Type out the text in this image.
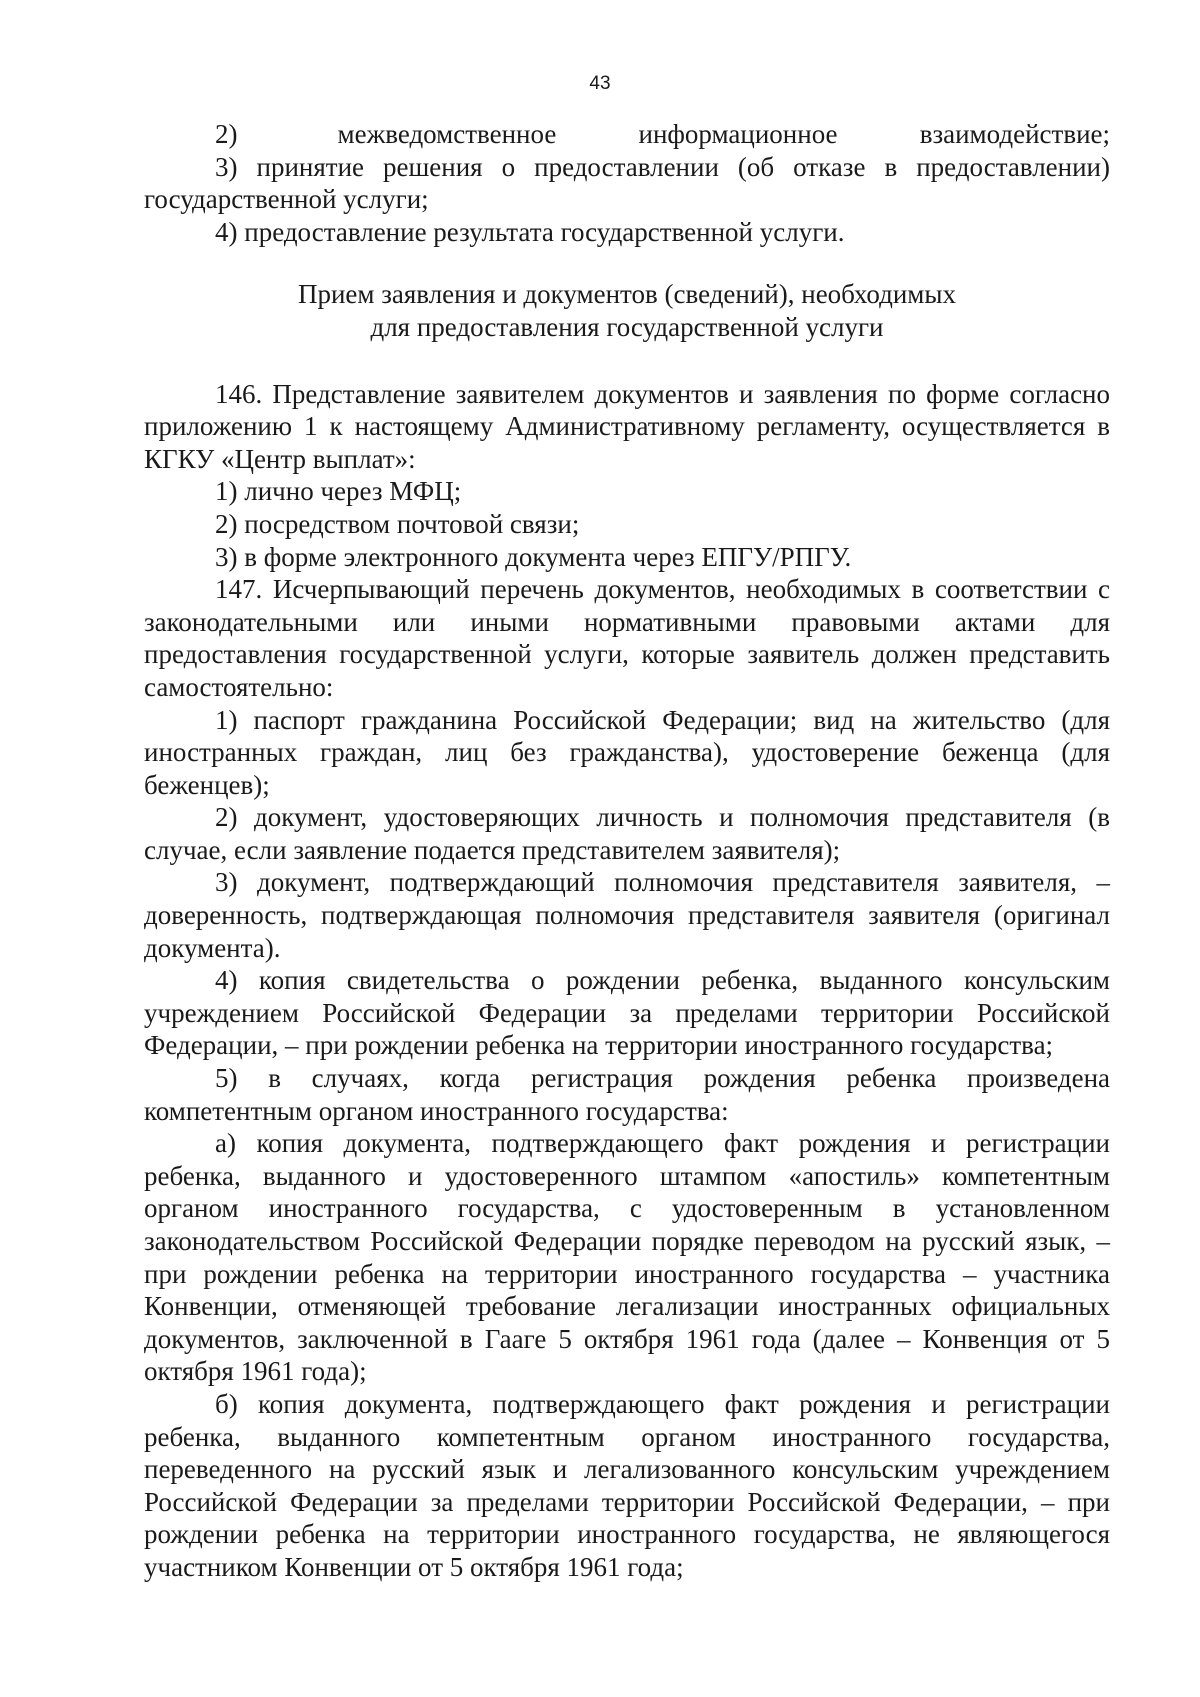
43

2)	межведомственное информационное взаимодействие;

3) принятие решения о предоставлении (об отказе в предоставлении) государственной услуги;

4) предоставление результата государственной услуги.

Прием заявления и документов (сведений), необходимых
для предоставления государственной услуги

146. Представление заявителем документов и заявления по форме согласно приложению 1 к настоящему Административному регламенту, осуществляется в КГКУ «Центр выплат»:

1) лично через МФЦ;

2) посредством почтовой связи;

3) в форме электронного документа через ЕПГУ/РПГУ.

147. Исчерпывающий перечень документов, необходимых в соответствии с законодательными или иными нормативными правовыми актами для предоставления государственной услуги, которые заявитель должен представить самостоятельно:

1) паспорт гражданина Российской Федерации; вид на жительство (для иностранных граждан, лиц без гражданства), удостоверение беженца (для беженцев);

2) документ, удостоверяющих личность и полномочия представителя (в случае, если заявление подается представителем заявителя);

3) документ, подтверждающий полномочия представителя заявителя, – доверенность, подтверждающая полномочия представителя заявителя (оригинал документа).

4) копия свидетельства о рождении ребенка, выданного консульским учреждением Российской Федерации за пределами территории Российской Федерации, – при рождении ребенка на территории иностранного государства;

5) в случаях, когда регистрация рождения ребенка произведена компетентным органом иностранного государства:

а) копия документа, подтверждающего факт рождения и регистрации ребенка, выданного и удостоверенного штампом «апостиль» компетентным органом иностранного государства, с удостоверенным в установленном законодательством Российской Федерации порядке переводом на русский язык, – при рождении ребенка на территории иностранного государства – участника Конвенции, отменяющей требование легализации иностранных официальных документов, заключенной в Гааге 5 октября 1961 года (далее – Конвенция от 5 октября 1961 года);

б) копия документа, подтверждающего факт рождения и регистрации ребенка, выданного компетентным органом иностранного государства, переведенного на русский язык и легализованного консульским учреждением Российской Федерации за пределами территории Российской Федерации, – при рождении ребенка на территории иностранного государства, не являющегося участником Конвенции от 5 октября 1961 года;
